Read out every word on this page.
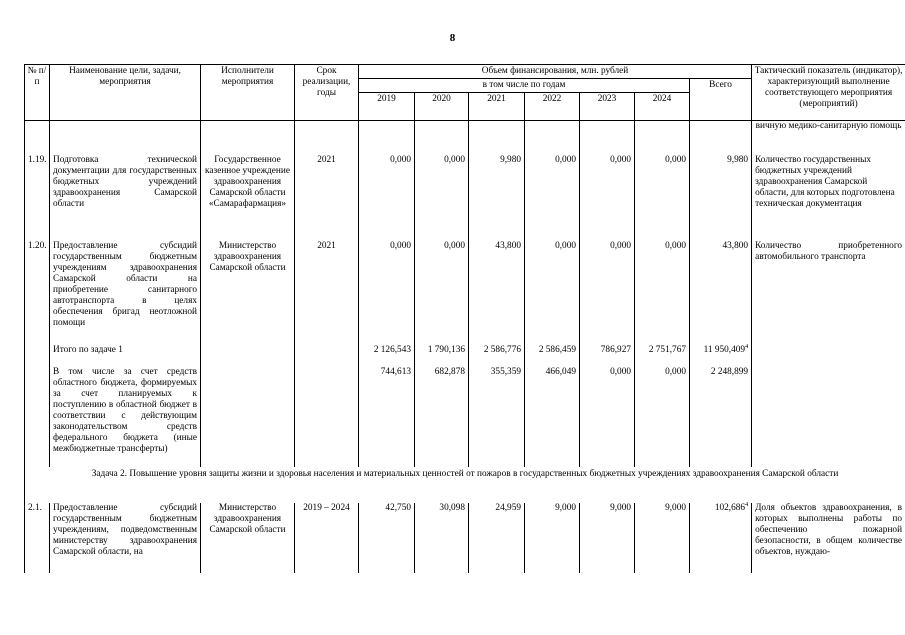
8
№ п/п	Наименование цели, задачи, мероприятия	Исполнители мероприятия	Срок реализации, годы	Объем финансирования, млн. рублей							Тактический показатель (индикатор), характеризующий выполнение соответствующего мероприятия (мероприятий)
				в том числе по годам						Всего	
				2019	2020	2021	2022	2023	2024		
											вичную медико-санитарную помощь
1.19.	Подготовка технической документации для государственных бюджетных учреждений здравоохранения Самарской области	Государственное казенное учреждение здравоохранения Самарской области «Самарафармация»	2021	0,000	0,000	9,980	0,000	0,000	0,000	9,980	Количество государственных бюджетных учреждений здравоохранения Самарской области, для которых подготовлена техническая документация
1.20.	Предоставление субсидий государственным бюджетным учреждениям здравоохранения Самарской области на приобретение санитарного автотранспорта в целях обеспечения бригад неотложной помощи	Министерство здравоохранения Самарской области	2021	0,000	0,000	43,800	0,000	0,000	0,000	43,800	Количество приобретенного автомобильного транспорта
	Итого по задаче 1			2 126,543	1 790,136	2 586,776	2 586,459	786,927	2 751,767	11 950,409$^4$	
	В том числе за счет средств областного бюджета, формируемых за счет планируемых к поступлению в областной бюджет в соответствии с действующим законодательством средств федерального бюджета (иные межбюджетные трансферты)			744,613	682,878	355,359	466,049	0,000	0,000	2 248,899	
Задача 2. Повышение уровня защиты жизни и здоровья населения и материальных ценностей от пожаров в государственных бюджетных учреждениях здравоохранения Самарской области											
2.1.	Предоставление субсидий государственным бюджетным учреждениям, подведомственным министерству здравоохранения Самарской области, на	Министерство здравоохранения Самарской области	2019 – 2024	42,750	30,098	24,959	9,000	9,000	9,000	102,686$^4$	Доля объектов здравоохранения, в которых выполнены работы по обеспечению пожарной безопасности, в общем количестве объектов, нуждаю-
